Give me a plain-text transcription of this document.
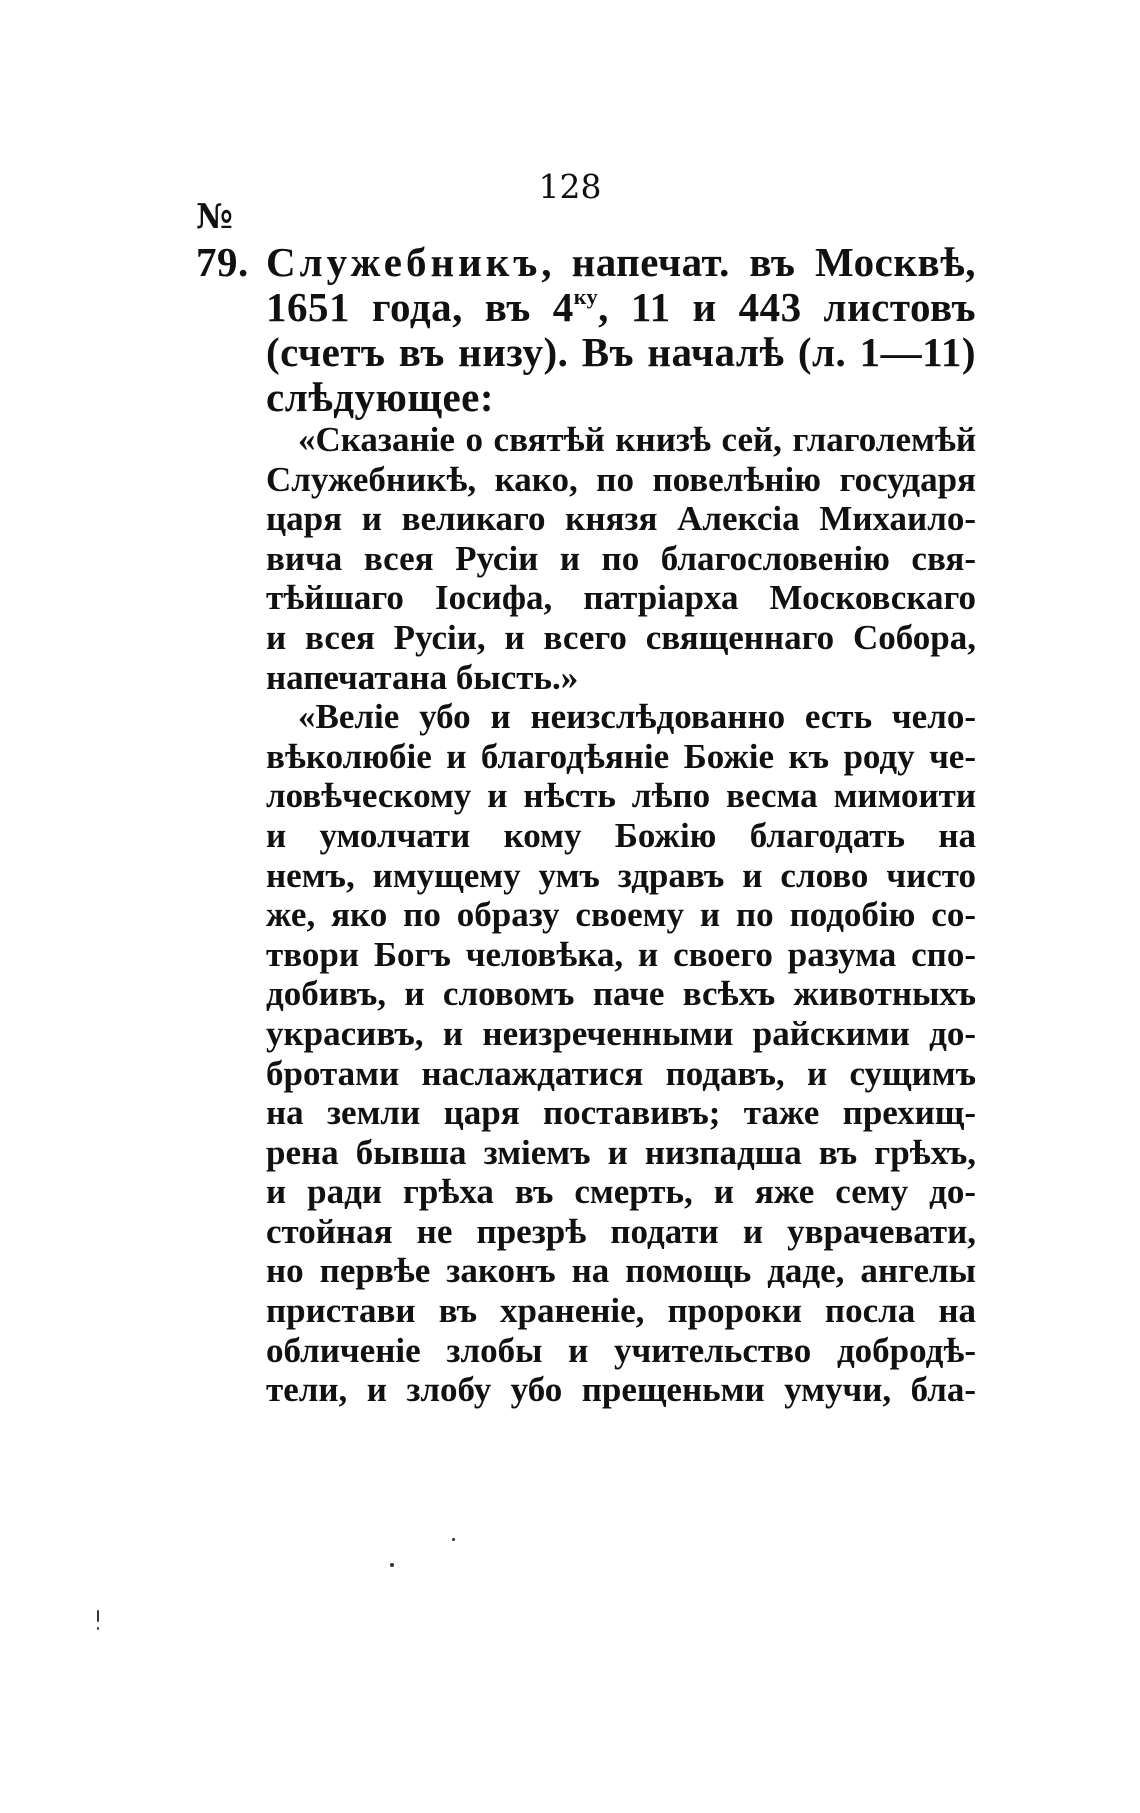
128
№
79. Служебникъ, напечат. въ Москвѣ,
1651 года, въ $4^{ку}$, 11 и 443 листовъ
(счетъ въ низу). Въ началѣ (л. 1—11)
слѣдующее:

«Сказаніе о святѣй книзѣ сей, глаголемѣй
Служебникѣ, како, по повелѣнію государя
царя и великаго князя Алексіа Михаило-
вича всея Русіи и по благословенію свя-
тѣйшаго Іосифа, патріарха Московскаго
и всея Русіи, и всего священнаго Собора,
напечатана бысть.»

«Веліе убо и неизслѣдованно есть чело-
вѣколюбіе и благодѣяніе Божіе къ роду че-
ловѣческому и нѣсть лѣпо весма мимоити
и умолчати кому Божію благодать на
немъ, имущему умъ здравъ и слово чисто
же, яко по образу своему и по подобію со-
твори Богъ человѣка, и своего разума спо-
добивъ, и словомъ паче всѣхъ животныхъ
украсивъ, и неизреченными райскими до-
бротами наслаждатися подавъ, и сущимъ
на земли царя поставивъ; таже прехищ-
рена бывша зміемъ и низпадша въ грѣхъ,
и ради грѣха въ смерть, и яже сему до-
стойная не презрѣ подати и уврачевати,
но первѣе законъ на помощь даде, ангелы
пристави въ храненіе, пророки посла на
обличеніе злобы и учительство добродѣ-
тели, и злобу убо прещеньми умучи, бла-
